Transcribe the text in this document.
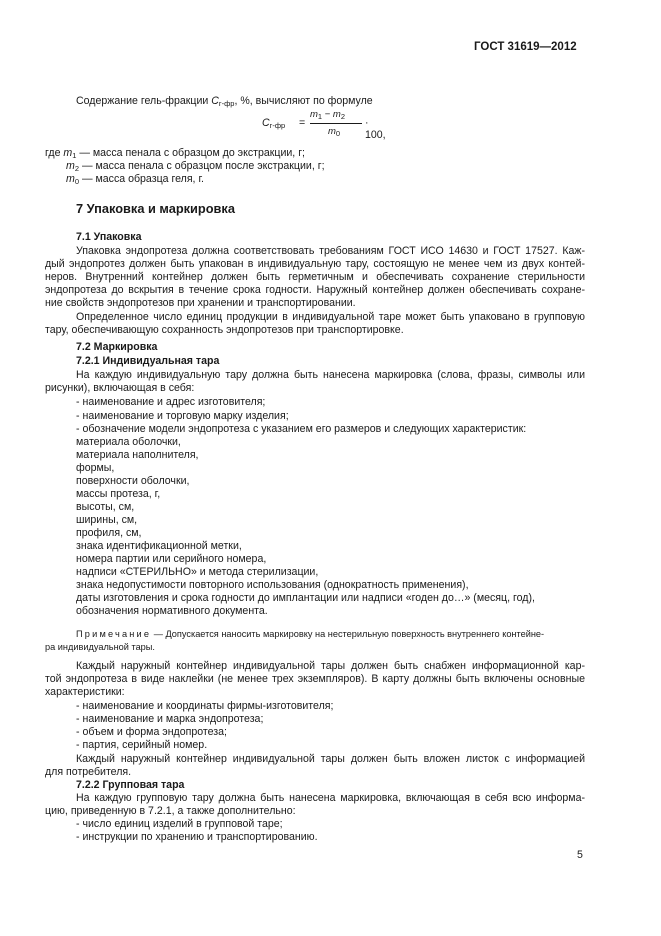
ГОСТ 31619—2012
Содержание гель-фракции $C_{г-фр}$, %, вычисляют по формуле
$C_{г-фр}$ =
$m_1 - m_2$
$m_0$
· 100,
где $m_1$ — масса пенала с образцом до экстракции, г;
$m_2$ — масса пенала с образцом после экстракции, г;
$m_0$ — масса образца геля, г.
7 Упаковка и маркировка
7.1 Упаковка
Упаковка эндопротеза должна соответствовать требованиям ГОСТ ИСО 14630 и ГОСТ 17527. Каж-
дый эндопротез должен быть упакован в индивидуальную тару, состоящую не менее чем из двух контей-
неров. Внутренний контейнер должен быть герметичным и обеспечивать сохранение стерильности
эндопротеза до вскрытия в течение срока годности. Наружный контейнер должен обеспечивать сохране-
ние свойств эндопротезов при хранении и транспортировании.
Определенное число единиц продукции в индивидуальной таре может быть упаковано в групповую
тару, обеспечивающую сохранность эндопротезов при транспортировке.
7.2 Маркировка
7.2.1 Индивидуальная тара
На каждую индивидуальную тару должна быть нанесена маркировка (слова, фразы, символы или
рисунки), включающая в себя:
- наименование и адрес изготовителя;
- наименование и торговую марку изделия;
- обозначение модели эндопротеза с указанием его размеров и следующих характеристик:
материала оболочки,
материала наполнителя,
формы,
поверхности оболочки,
массы протеза, г,
высоты, см,
ширины, см,
профиля, см,
знака идентификационной метки,
номера партии или серийного номера,
надписи «СТЕРИЛЬНО» и метода стерилизации,
знака недопустимости повторного использования (однократность применения),
даты изготовления и срока годности до имплантации или надписи «годен до…» (месяц, год),
обозначения нормативного документа.
Примечание — Допускается наносить маркировку на нестерильную поверхность внутреннего контейне-
ра индивидуальной тары.
Каждый наружный контейнер индивидуальной тары должен быть снабжен информационной кар-
той эндопротеза в виде наклейки (не менее трех экземпляров). В карту должны быть включены основные
характеристики:
- наименование и координаты фирмы-изготовителя;
- наименование и марка эндопротеза;
- объем и форма эндопротеза;
- партия, серийный номер.
Каждый наружный контейнер индивидуальной тары должен быть вложен листок с информацией
для потребителя.
7.2.2 Групповая тара
На каждую групповую тару должна быть нанесена маркировка, включающая в себя всю информа-
цию, приведенную в 7.2.1, а также дополнительно:
- число единиц изделий в групповой таре;
- инструкции по хранению и транспортированию.
5
